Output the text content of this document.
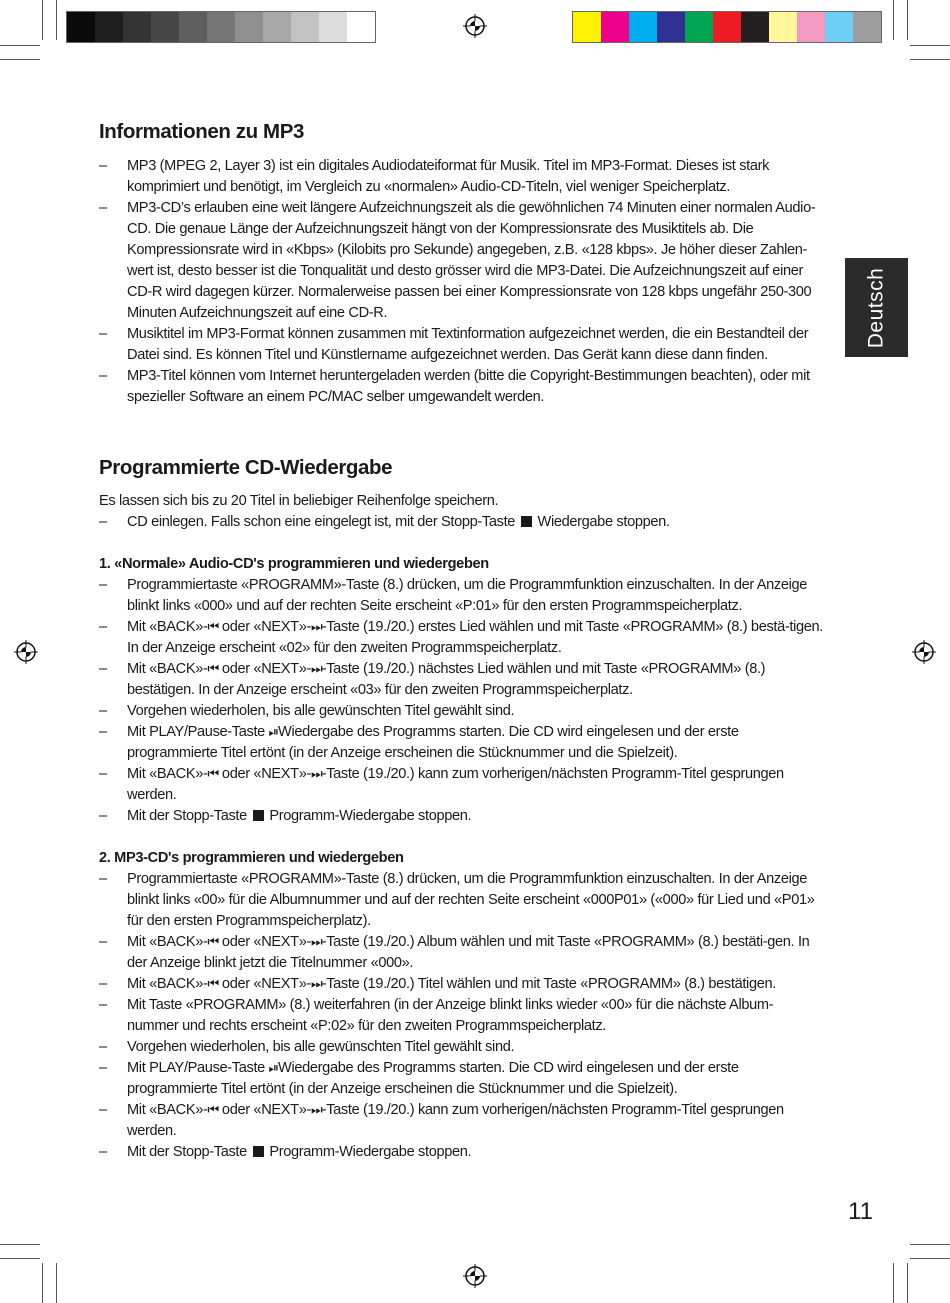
Deutsch
Informationen zu MP3
– MP3 (MPEG 2, Layer 3) ist ein digitales Audiodateiformat für Musik. Titel im MP3-Format. Dieses ist stark komprimiert und benötigt, im Vergleich zu «normalen» Audio-CD-Titeln, viel weniger Speicherplatz.
– MP3-CD’s erlauben eine weit längere Aufzeichnungszeit als die gewöhnlichen 74 Minuten einer normalen Audio-CD. Die genaue Länge der Aufzeichnungszeit hängt von der Kompressionsrate des Musiktitels ab. Die Kompressionsrate wird in «Kbps» (Kilobits pro Sekunde) angegeben, z.B. «128 kbps». Je höher dieser Zahlen-wert ist, desto besser ist die Tonqualität und desto grösser wird die MP3-Datei. Die Aufzeichnungszeit auf einer CD-R wird dagegen kürzer. Normalerweise passen bei einer Kompressionsrate von 128 kbps ungefähr 250-300 Minuten Aufzeichnungszeit auf eine CD-R.
– Musiktitel im MP3-Format können zusammen mit Textinformation aufgezeichnet werden, die ein Bestandteil der Datei sind. Es können Titel und Künstlername aufgezeichnet werden. Das Gerät kann diese dann finden.
– MP3-Titel können vom Internet heruntergeladen werden (bitte die Copyright-Bestimmungen beachten), oder mit spezieller Software an einem PC/MAC selber umgewandelt werden.
Programmierte CD-Wiedergabe

Es lassen sich bis zu 20 Titel in beliebiger Reihenfolge speichern.

– CD einlegen. Falls schon eine eingelegt ist, mit der Stopp-Taste Wiedergabe stoppen.
1. «Normale» Audio-CD's programmieren und wiedergeben
– Programmiertaste «PROGRAMM»-Taste (8.) drücken, um die Programmfunktion einzuschalten. In der Anzeige blinkt links «000» und auf der rechten Seite erscheint «P:01» für den ersten Programmspeicherplatz.
– Mit «BACK»-⏮ oder «NEXT»-⏭-Taste (19./20.) erstes Lied wählen und mit Taste «PROGRAMM» (8.) bestä-tigen. In der Anzeige erscheint «02» für den zweiten Programmspeicherplatz.
– Mit «BACK»-⏮ oder «NEXT»-⏭-Taste (19./20.) nächstes Lied wählen und mit Taste «PROGRAMM» (8.) bestätigen. In der Anzeige erscheint «03» für den zweiten Programmspeicherplatz.
– Vorgehen wiederholen, bis alle gewünschten Titel gewählt sind.
– Mit PLAY/Pause-Taste ⏯Wiedergabe des Programms starten. Die CD wird eingelesen und der erste programmierte Titel ertönt (in der Anzeige erscheinen die Stücknummer und die Spielzeit).
– Mit «BACK»-⏮ oder «NEXT»-⏭-Taste (19./20.) kann zum vorherigen/nächsten Programm-Titel gesprungen werden.
– Mit der Stopp-Taste Programm-Wiedergabe stoppen.
2. MP3-CD's programmieren und wiedergeben
– Programmiertaste «PROGRAMM»-Taste (8.) drücken, um die Programmfunktion einzuschalten. In der Anzeige blinkt links «00» für die Albumnummer und auf der rechten Seite erscheint «000P01» («000» für Lied und «P01» für den ersten Programmspeicherplatz).
– Mit «BACK»-⏮ oder «NEXT»-⏭-Taste (19./20.) Album wählen und mit Taste «PROGRAMM» (8.) bestäti-gen. In der Anzeige blinkt jetzt die Titelnummer «000».
– Mit «BACK»-⏮ oder «NEXT»-⏭-Taste (19./20.) Titel wählen und mit Taste «PROGRAMM» (8.) bestätigen.
– Mit Taste «PROGRAMM» (8.) weiterfahren (in der Anzeige blinkt links wieder «00» für die nächste Album-nummer und rechts erscheint «P:02» für den zweiten Programmspeicherplatz.
– Vorgehen wiederholen, bis alle gewünschten Titel gewählt sind.
– Mit PLAY/Pause-Taste ⏯Wiedergabe des Programms starten. Die CD wird eingelesen und der erste programmierte Titel ertönt (in der Anzeige erscheinen die Stücknummer und die Spielzeit).
– Mit «BACK»-⏮ oder «NEXT»-⏭-Taste (19./20.) kann zum vorherigen/nächsten Programm-Titel gesprungen werden.
– Mit der Stopp-Taste Programm-Wiedergabe stoppen.
11
